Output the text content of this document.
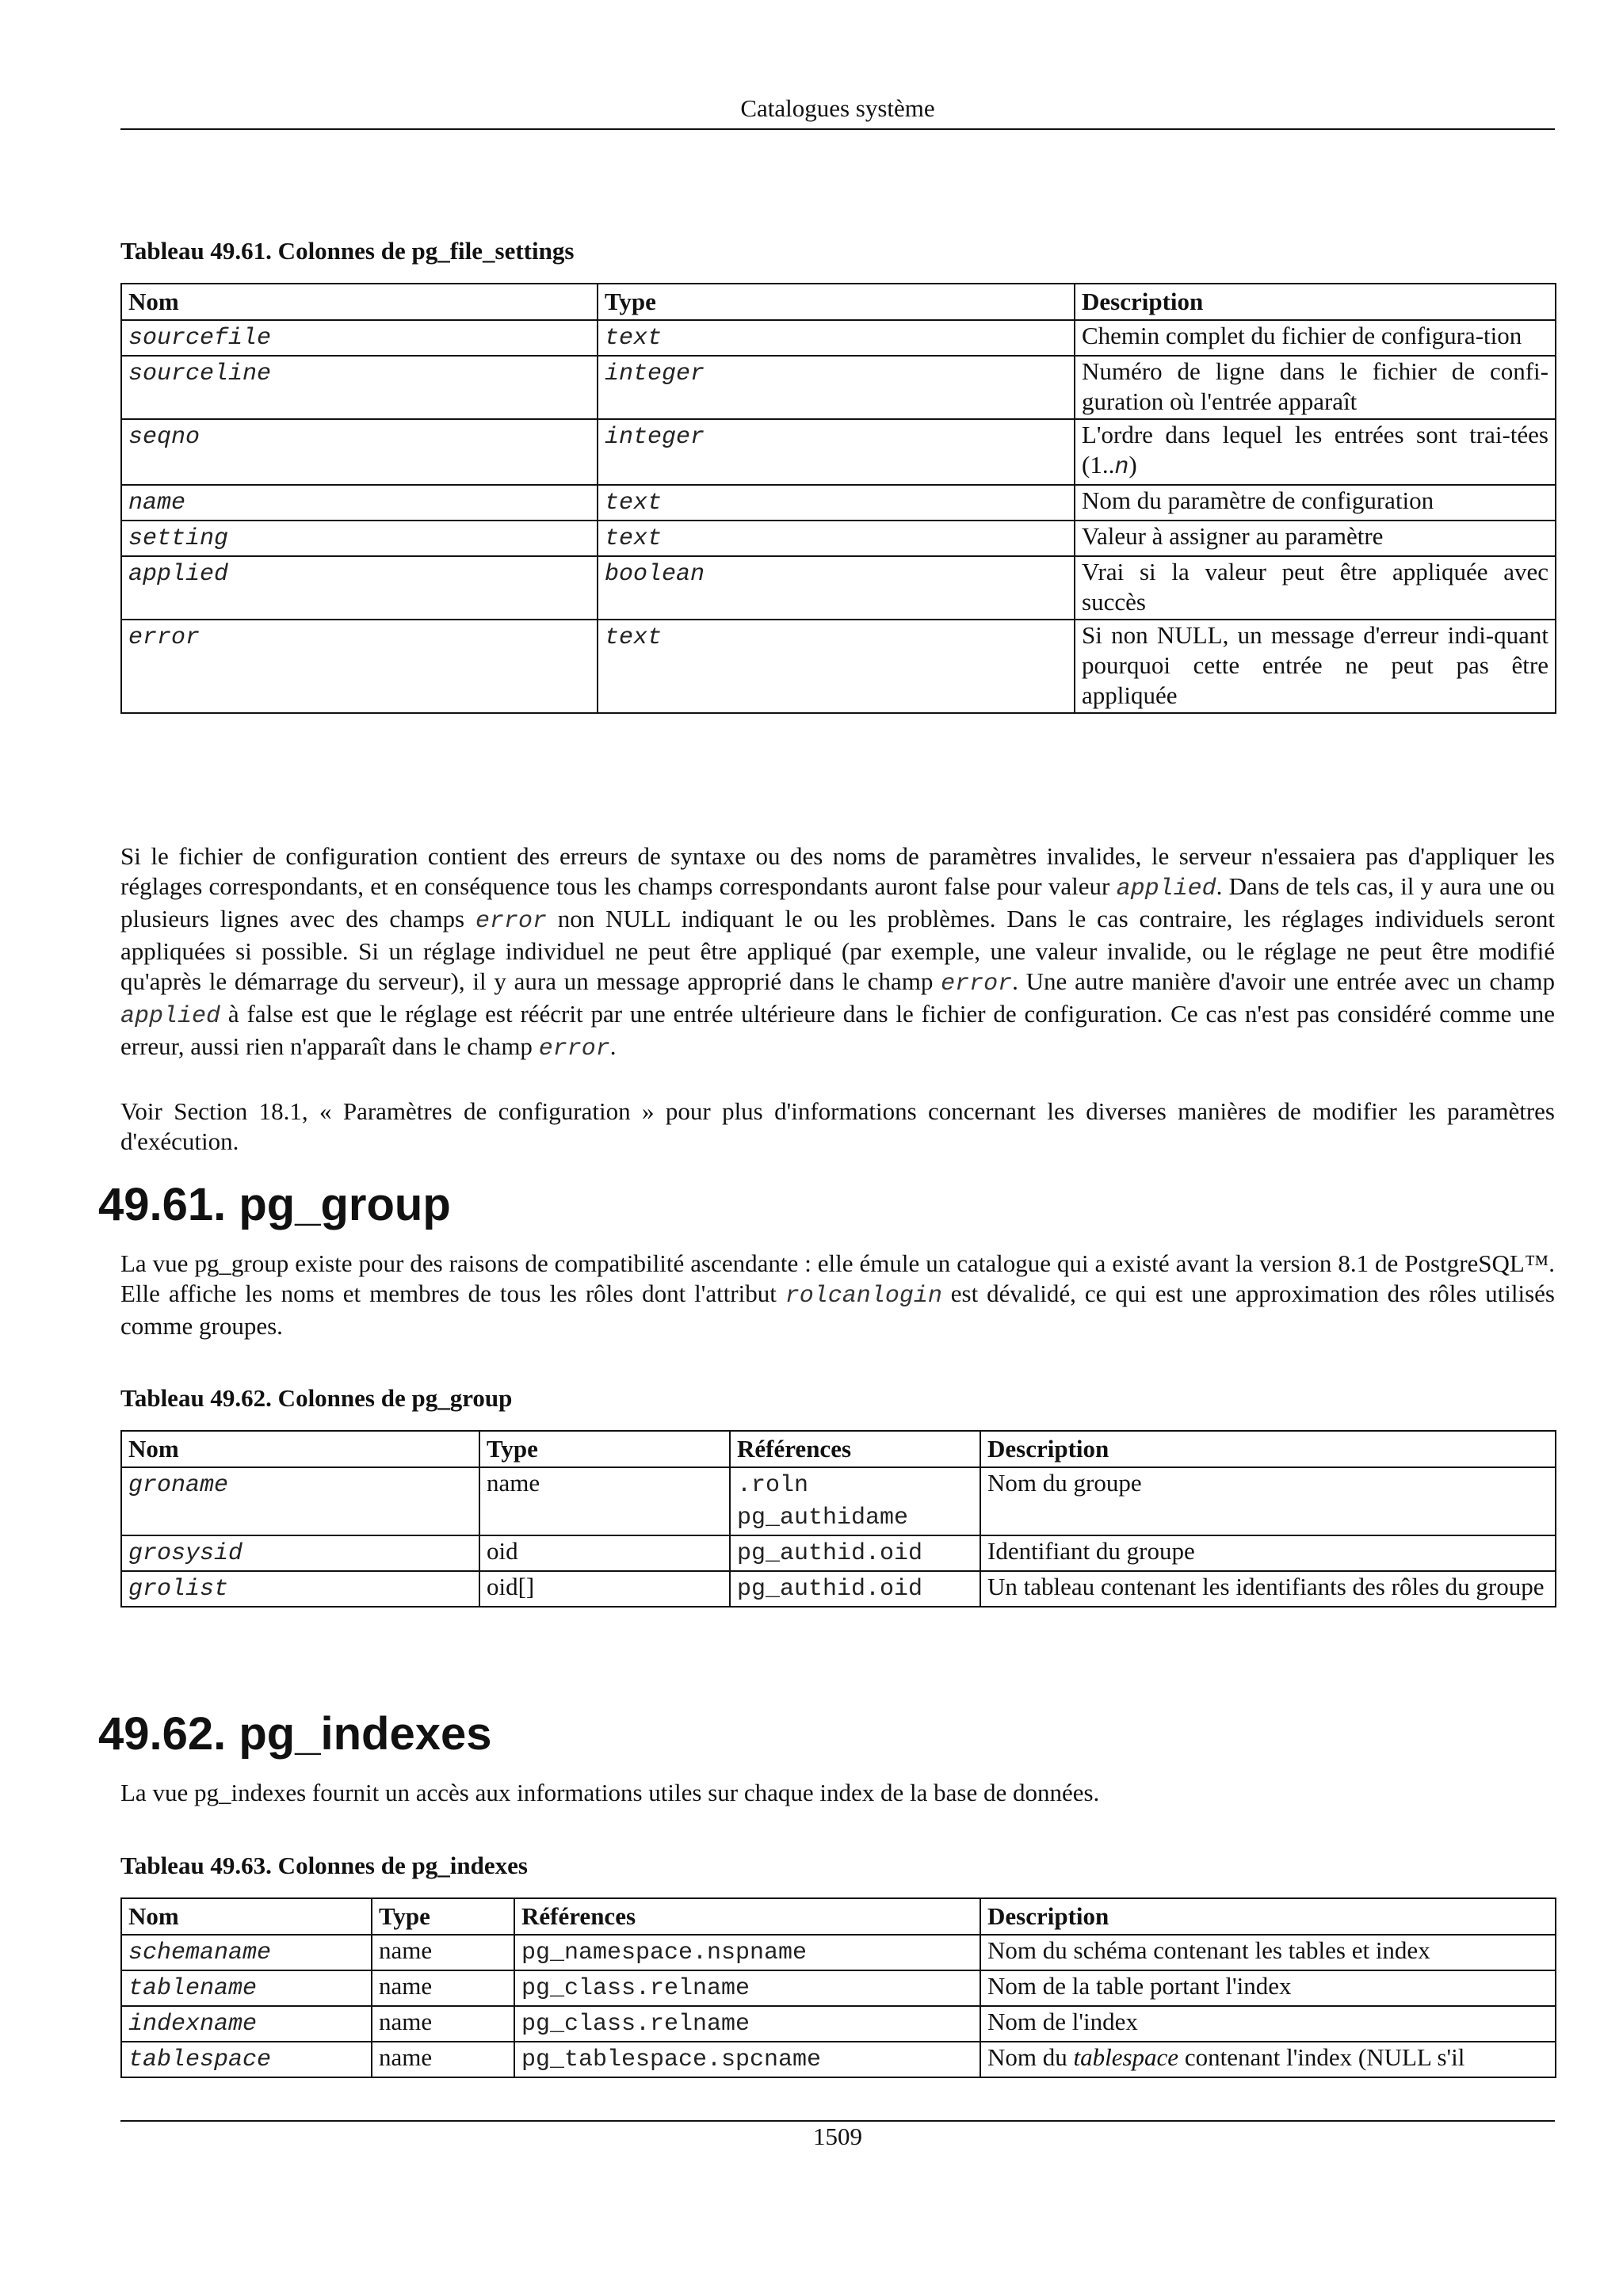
Catalogues système
Tableau 49.61. Colonnes de pg_file_settings
Nom	Type	Description
sourcefile	text	Chemin complet du fichier de configura-tion
sourceline	integer	Numéro de ligne dans le fichier de confi-guration où l'entrée apparaît
seqno	integer	L'ordre dans lequel les entrées sont trai-tées (1..n)
name	text	Nom du paramètre de configuration
setting	text	Valeur à assigner au paramètre
applied	boolean	Vrai si la valeur peut être appliquée avec succès
error	text	Si non NULL, un message d'erreur indi-quant pourquoi cette entrée ne peut pas être appliquée

Si le fichier de configuration contient des erreurs de syntaxe ou des noms de paramètres invalides, le serveur n'essaiera pas d'appliquer les réglages correspondants, et en conséquence tous les champs correspondants auront false pour valeur applied. Dans de tels cas, il y aura une ou plusieurs lignes avec des champs error non NULL indiquant le ou les problèmes. Dans le cas contraire, les réglages individuels seront appliquées si possible. Si un réglage individuel ne peut être appliqué (par exemple, une valeur invalide, ou le réglage ne peut être modifié qu'après le démarrage du serveur), il y aura un message approprié dans le champ error. Une autre manière d'avoir une entrée avec un champ applied à false est que le réglage est réécrit par une entrée ultérieure dans le fichier de configuration. Ce cas n'est pas considéré comme une erreur, aussi rien n'apparaît dans le champ error.

Voir Section 18.1, « Paramètres de configuration » pour plus d'informations concernant les diverses manières de modifier les paramètres d'exécution.

49.61. pg_group

La vue pg_group existe pour des raisons de compatibilité ascendante : elle émule un catalogue qui a existé avant la version 8.1 de PostgreSQL™. Elle affiche les noms et membres de tous les rôles dont l'attribut rolcanlogin est dévalidé, ce qui est une approximation des rôles utilisés comme groupes.

Tableau 49.62. Colonnes de pg_group
Nom	Type	Références	Description
groname	name	.roln pg_authidame	Nom du groupe
grosysid	oid	pg_authid.oid	Identifiant du groupe
grolist	oid[]	pg_authid.oid	Un tableau contenant les identifiants des rôles du groupe
49.62. pg_indexes

La vue pg_indexes fournit un accès aux informations utiles sur chaque index de la base de données.

Tableau 49.63. Colonnes de pg_indexes
Nom	Type	Références	Description
schemaname	name	pg_namespace.nspname	Nom du schéma contenant les tables et index
tablename	name	pg_class.relname	Nom de la table portant l'index
indexname	name	pg_class.relname	Nom de l'index
tablespace	name	pg_tablespace.spcname	Nom du tablespace contenant l'index (NULL s'il
1509
